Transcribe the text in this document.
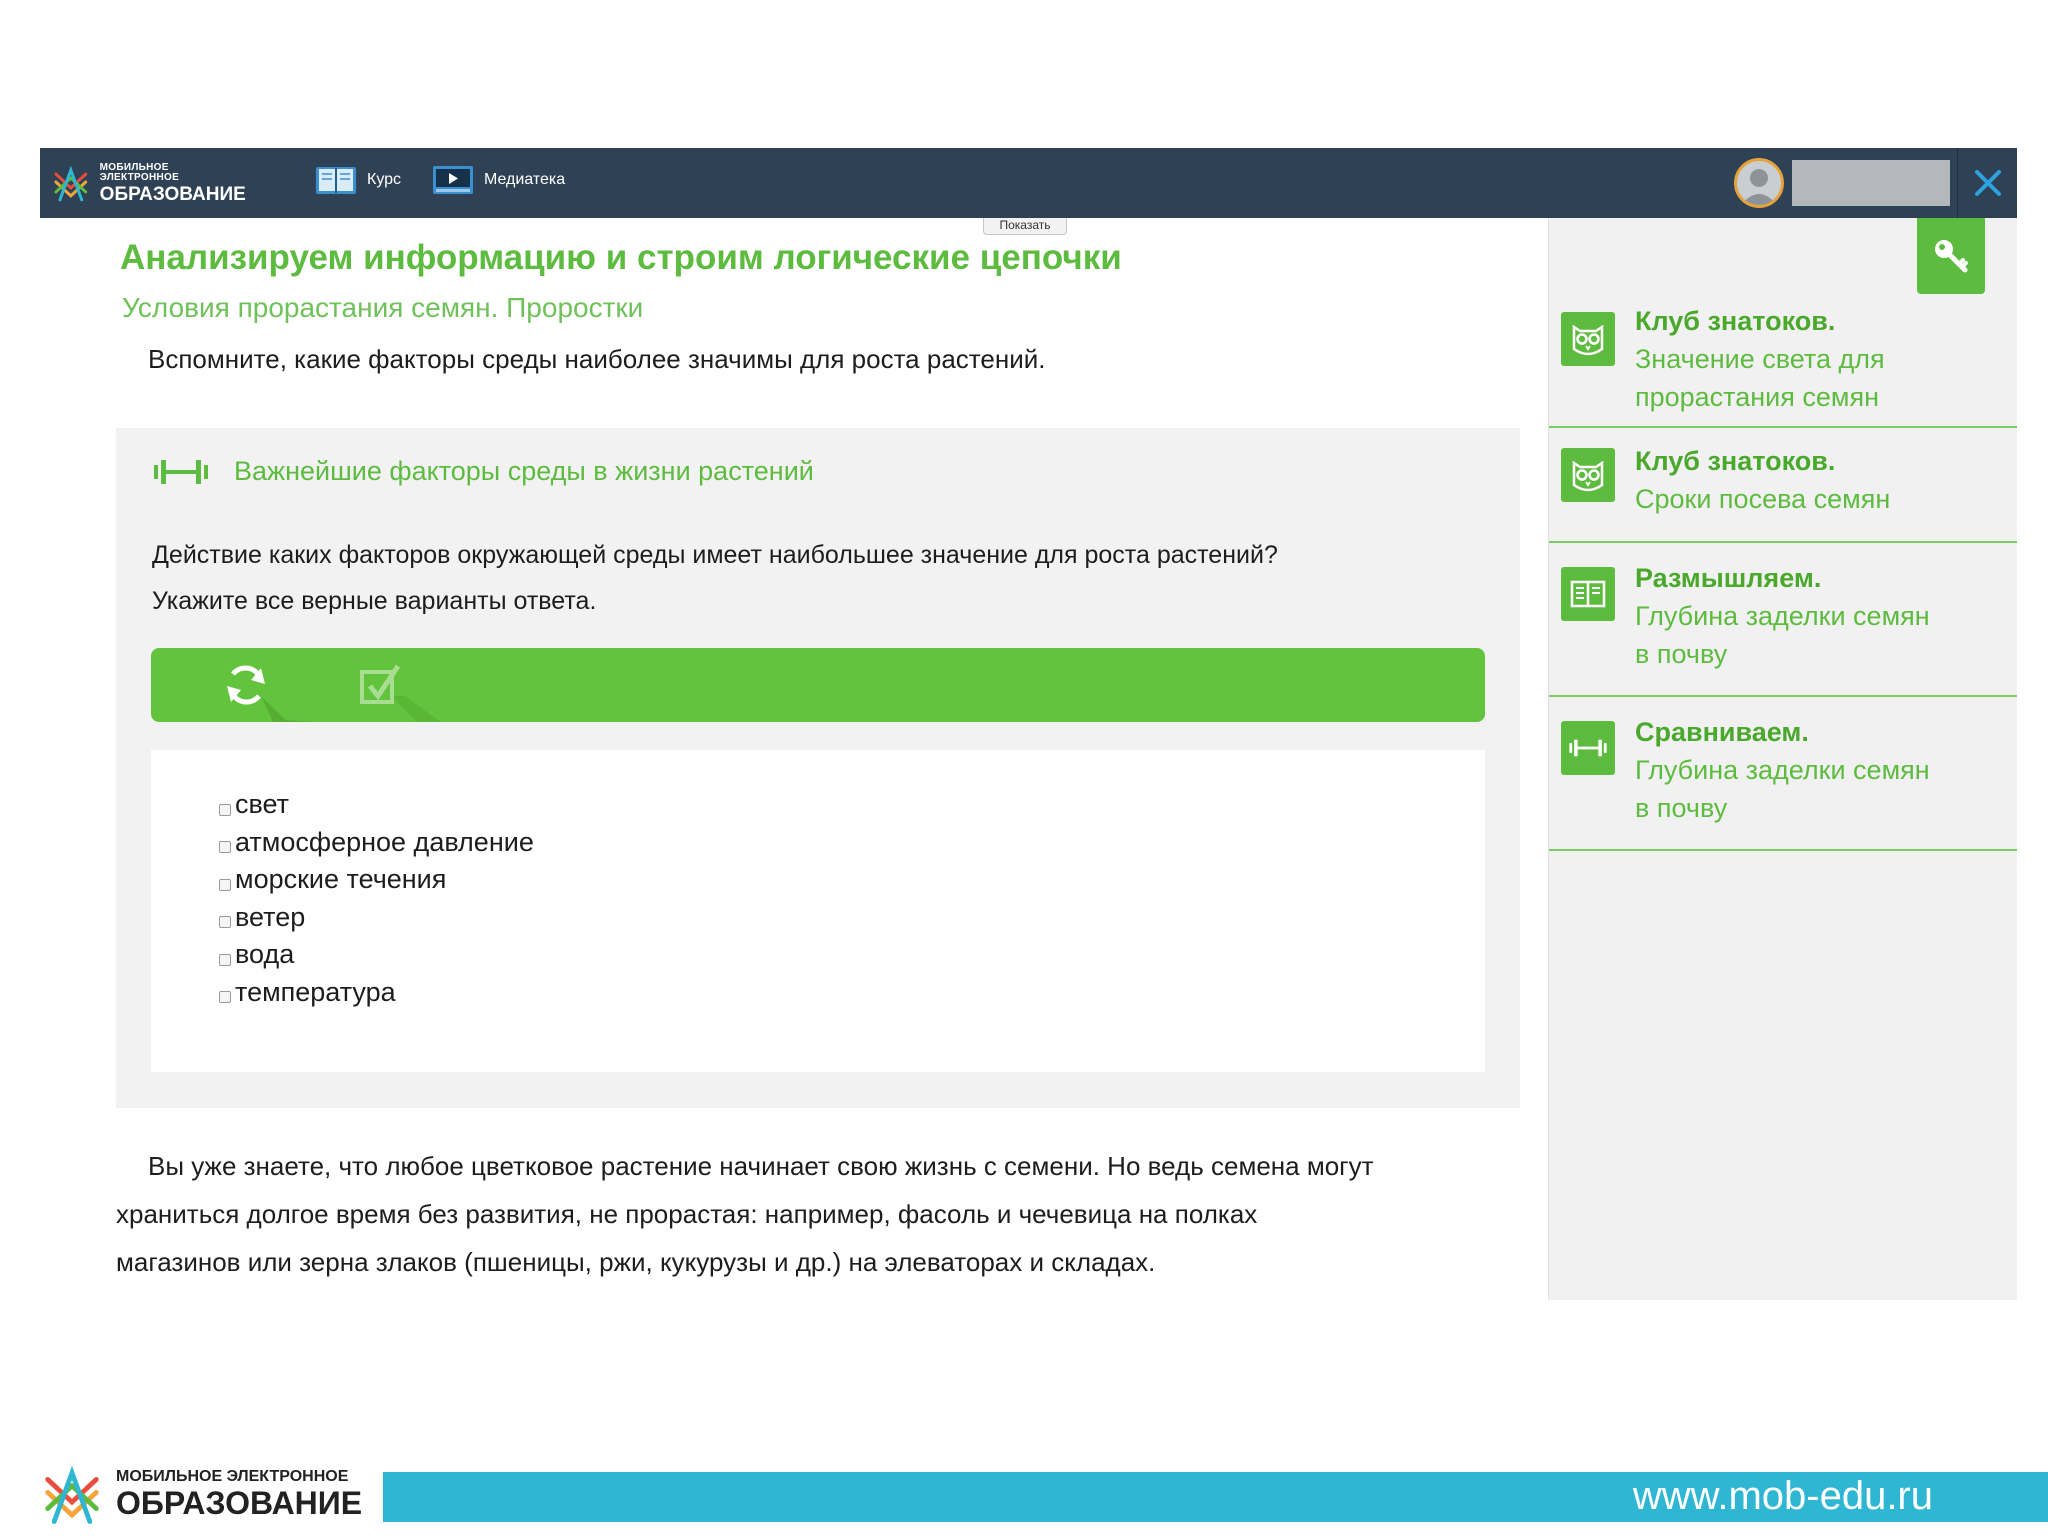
МОБИЛЬНОЕ ЭЛЕКТРОННОЕ
ОБРАЗОВАНИЕ
Курс	Медиатека
Показать
Анализируем информацию и строим логические цепочки
Условия прорастания семян. Проростки
Вспомните, какие факторы среды наиболее значимы для роста растений.
Важнейшие факторы среды в жизни растений
Действие каких факторов окружающей среды имеет наибольшее значение для роста растений?
Укажите все верные варианты ответа.
свет
атмосферное давление
морские течения
ветер
вода
температура
Вы уже знаете, что любое цветковое растение начинает свою жизнь с семени. Но ведь семена могут
храниться долгое время без развития, не прорастая: например, фасоль и чечевица на полках
магазинов или зерна злаков (пшеницы, ржи, кукурузы и др.) на элеваторах и складах.
Клуб знатоков.
Значение света для
прорастания семян
Клуб знатоков.
Сроки посева семян
Размышляем.
Глубина заделки семян
в почву
Сравниваем.
Глубина заделки семян
в почву
МОБИЛЬНОЕ ЭЛЕКТРОННОЕ
ОБРАЗОВАНИЕ	www.mob-edu.ru
